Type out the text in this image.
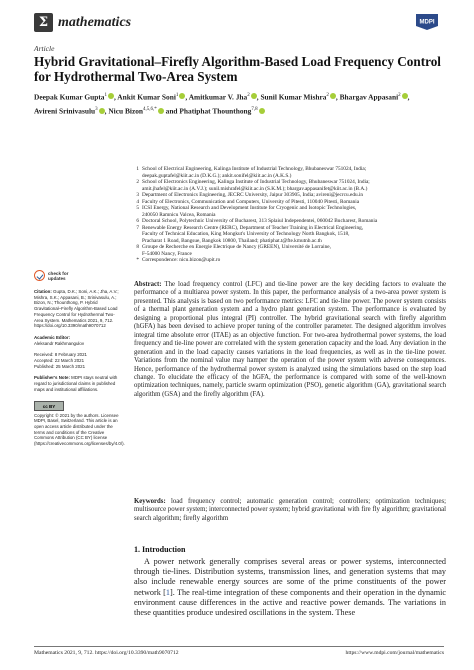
Σ mathematics	MDPI
Article
Hybrid Gravitational–Firefly Algorithm-Based Load Frequency Control for Hydrothermal Two-Area System
Deepak Kumar Gupta$^1$ , Ankit Kumar Soni$^1$ , Amitkumar V. Jha$^2$ , Sunil Kumar Mishra$^2$ , Bhargav Appasani$^2$ , Avireni Srinivasulu$^3$ , Nicu Bizon$^{4,5,6,*}$ and Phatiphat Thounthong$^{7,8}$
1 School of Electrical Engineering, Kalinga Institute of Industrial Technology, Bhubaneswar 751024, India;
deepak.guptafel@kiit.ac.in (D.K.G.); ankit.sonifel@kiit.ac.in (A.K.S.)
2 School of Electronics Engineering, Kalinga Institute of Industrial Technology, Bhubaneswar 751024, India;
amit.jhafel@kiit.ac.in (A.V.J.); sunil.mishrafel@kiit.ac.in (S.K.M.); bhargav.appasanifet@kiit.ac.in (B.A.)
3 Department of Electronics Engineering, JECRC University, Jaipur 303905, India; avireni@jecrcu.edu.in
4 Faculty of Electronics, Communication and Computers, University of Pitesti, 110040 Pitesti, Romania
5 ICSI Energy, National Research and Development Institute for Cryogenic and Isotopic Technologies,
240050 Ramnicu Valcea, Romania
6 Doctoral School, Polytechnic University of Bucharest, 313 Splaiul Independentei, 060042 Bucharest, Romania
7 Renewable Energy Research Centre (RERC), Department of Teacher Training in Electrical Engineering,
Faculty of Technical Education, King Mongkut's University of Technology North Bangkok, 1518,
Pracharat 1 Road, Bangsue, Bangkok 10800, Thailand; phatiphat.t@fte.kmutnb.ac.th
8 Groupe de Recherche en Energie Electrique de Nancy (GREEN), Université de Lorraine,
F-54000 Nancy, France
* Correspondence: nicu.bizon@upit.ro
check for
updates
Citation: Gupta, D.K.; Soni, A.K.; Jha, A.V.; Mishra, S.K.; Appasani, B.; Srinivasulu, A.; Bizon, N.; Thounthong, P. Hybrid Gravitational–Firefly Algorithm-Based Load Frequency Control for Hydrothermal Two-Area System. Mathematics 2021, 9, 712. https://doi.org/10.3390/math9070712
Academic Editor:
Aleksandr Rakhmangulov
Received: 8 February 2021
Accepted: 22 March 2021
Published: 25 March 2021
Publisher's Note: MDPI stays neutral with regard to jurisdictional claims in published maps and institutional affiliations.
cc BY
Copyright: © 2021 by the authors. Licensee MDPI, Basel, Switzerland. This article is an open access article distributed under the terms and conditions of the Creative Commons Attribution (CC BY) license (https://creativecommons.org/licenses/by/4.0/).
Abstract: The load frequency control (LFC) and tie-line power are the key deciding factors to evaluate the performance of a multiarea power system. In this paper, the performance analysis of a two-area power system is presented. This analysis is based on two performance metrics: LFC and tie-line power. The power system consists of a thermal plant generation system and a hydro plant generation system. The performance is evaluated by designing a proportional plus integral (PI) controller. The hybrid gravitational search with firefly algorithm (hGFA) has been devised to achieve proper tuning of the controller parameter. The designed algorithm involves integral time absolute error (ITAE) as an objective function. For two-area hydrothermal power systems, the load frequency and tie-line power are correlated with the system generation capacity and the load. Any deviation in the generation and in the load capacity causes variations in the load frequencies, as well as in the tie-line power. Variations from the nominal value may hamper the operation of the power system with adverse consequences. Hence, performance of the hydrothermal power system is analyzed using the simulations based on the step load change. To elucidate the efficacy of the hGFA, the performance is compared with some of the well-known optimization techniques, namely, particle swarm optimization (PSO), genetic algorithm (GA), gravitational search algorithm (GSA) and the firefly algorithm (FA).
Keywords: load frequency control; automatic generation control; controllers; optimization techniques; multisource power system; interconnected power system; hybrid gravitational with fire fly algorithm; gravitational search algorithm; firefly algorithm
1. Introduction
A power network generally comprises several areas or power systems, interconnected through tie-lines. Distribution systems, transmission lines, and generation systems that may also include renewable energy sources are some of the prime constituents of the power network [1]. The real-time integration of these components and their operation in the dynamic environment cause differences in the active and reactive power demands. The variations in these quantities produce undesired oscillations in the system. These
Mathematics 2021, 9, 712. https://doi.org/10.3390/math9070712	https://www.mdpi.com/journal/mathematics
